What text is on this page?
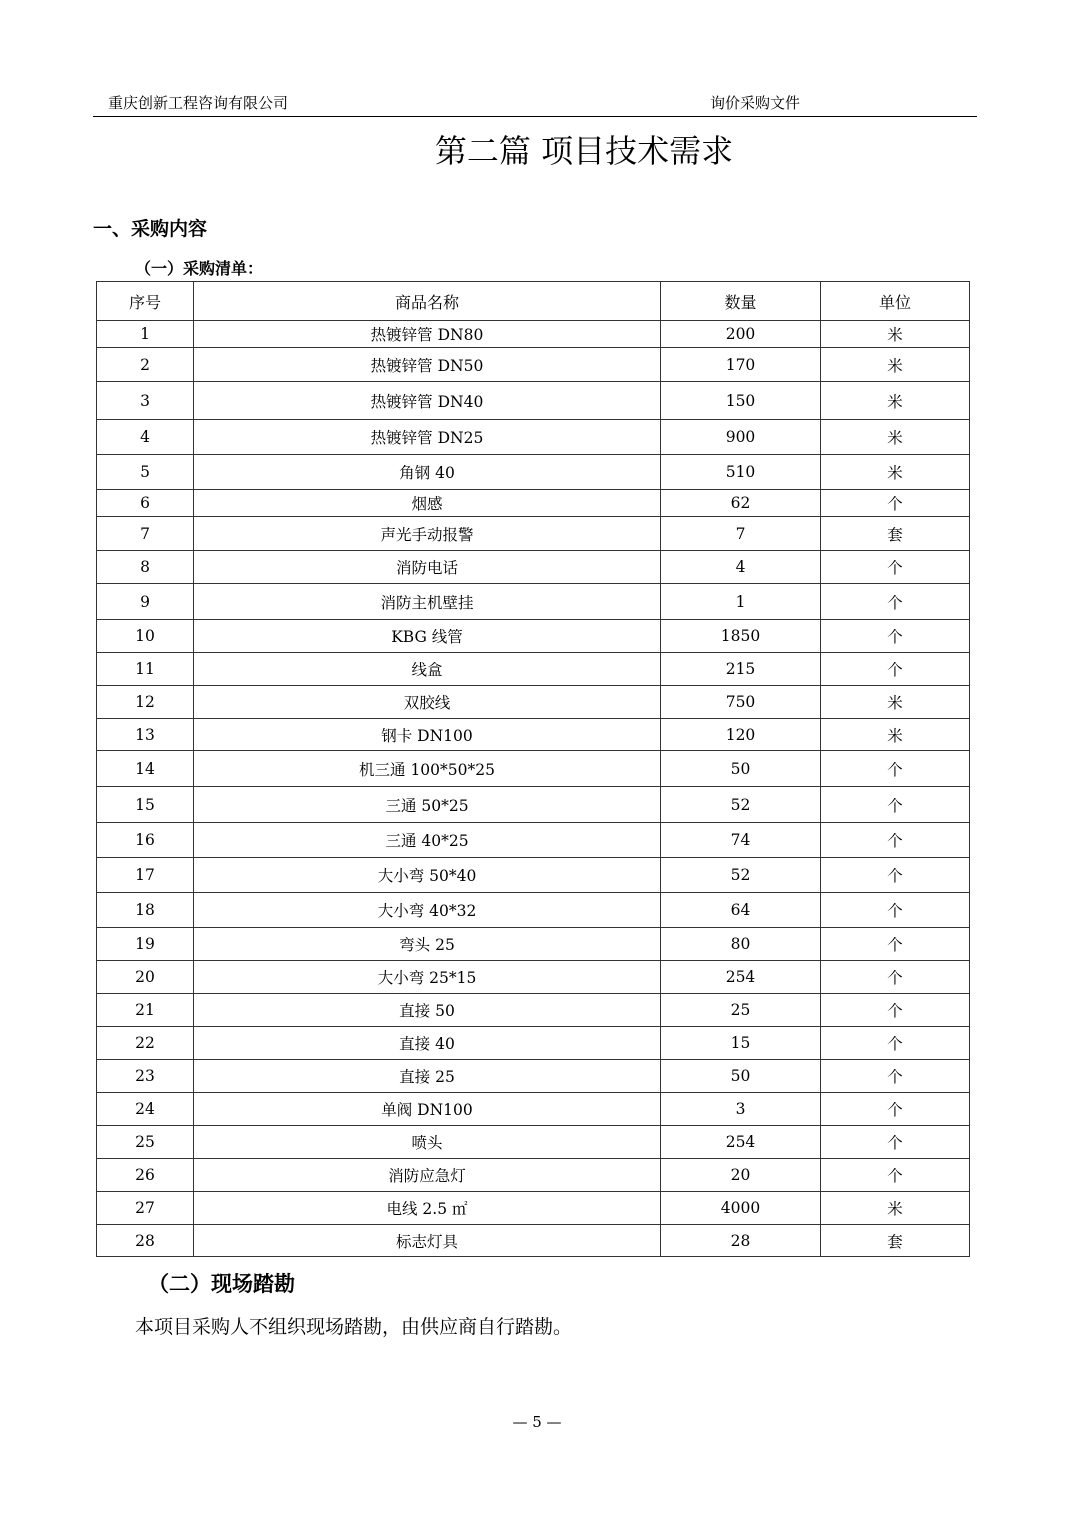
重庆创新工程咨询有限公司	询价采购文件
第二篇 项目技术需求
一、采购内容
（一）采购清单：
序号	商品名称	数量	单位
1	热镀锌管 DN80	200	米
2	热镀锌管 DN50	170	米
3	热镀锌管 DN40	150	米
4	热镀锌管 DN25	900	米
5	角钢 40	510	米
6	烟感	62	个
7	声光手动报警	7	套
8	消防电话	4	个
9	消防主机壁挂	1	个
10	KBG 线管	1850	个
11	线盒	215	个
12	双胶线	750	米
13	钢卡 DN100	120	米
14	机三通 100*50*25	50	个
15	三通 50*25	52	个
16	三通 40*25	74	个
17	大小弯 50*40	52	个
18	大小弯 40*32	64	个
19	弯头 25	80	个
20	大小弯 25*15	254	个
21	直接 50	25	个
22	直接 40	15	个
23	直接 25	50	个
24	单阀 DN100	3	个
25	喷头	254	个
26	消防应急灯	20	个
27	电线 2.5 ㎡	4000	米
28	标志灯具	28	套
（二）现场踏勘
本项目采购人不组织现场踏勘，由供应商自行踏勘。
— 5 —
